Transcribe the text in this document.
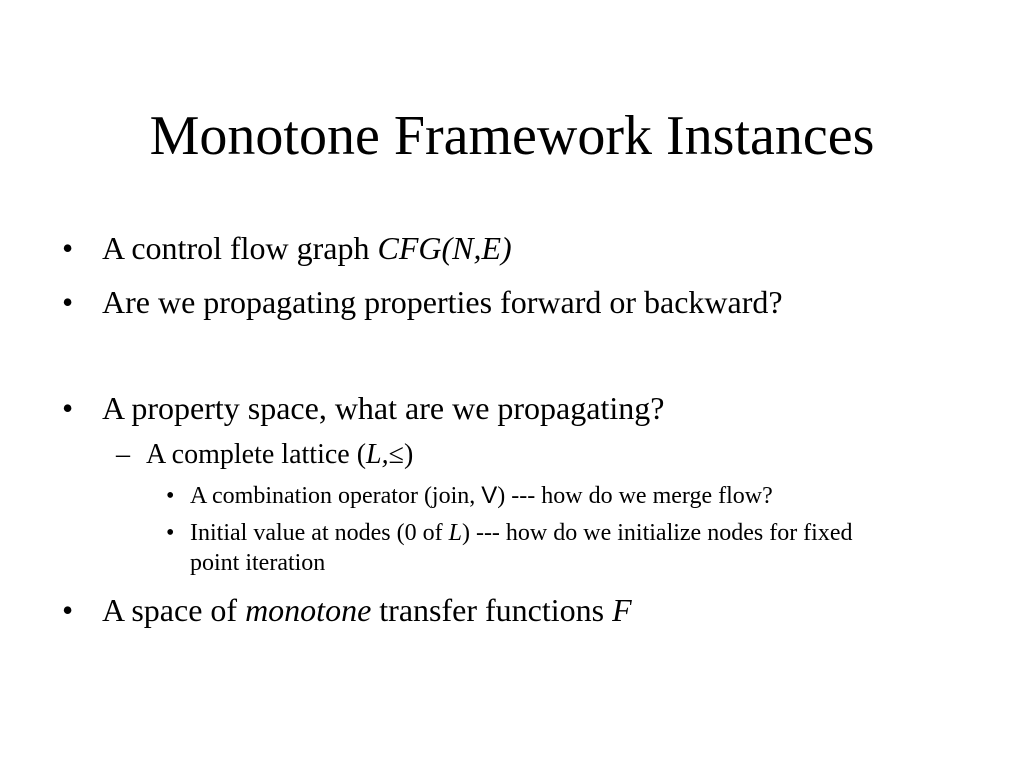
Monotone Framework Instances
• A control flow graph CFG(N,E)
• Are we propagating properties forward or backward?
• A property space, what are we propagating?
– A complete lattice (L,≤)
• A combination operator (join, V) --- how do we merge flow?
• Initial value at nodes (0 of L) --- how do we initialize nodes for fixed
point iteration
• A space of monotone transfer functions F
